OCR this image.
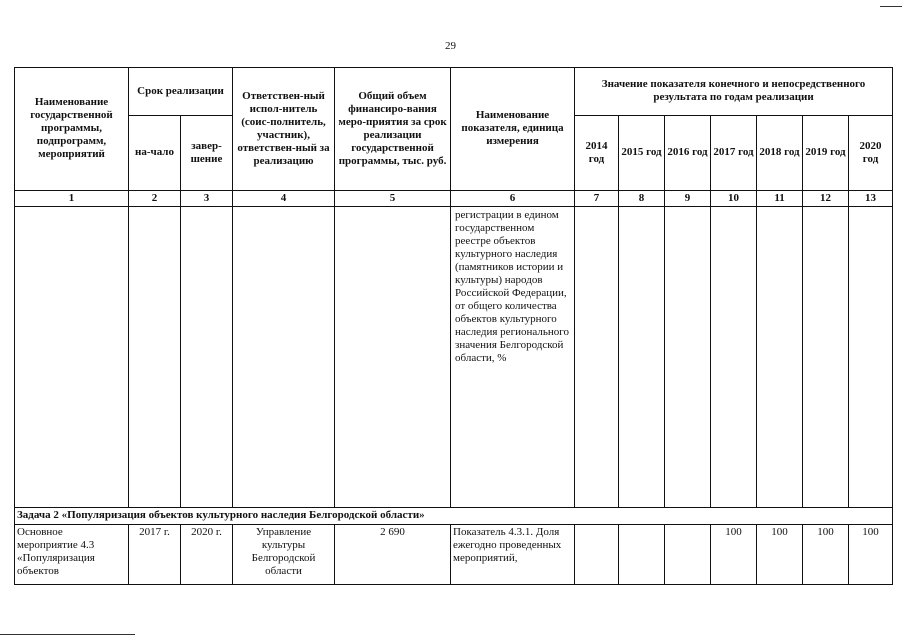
29
Наименование государственной программы, подпрограмм, мероприятий	Срок реализации		Ответствен-ный испол-нитель (соис-полнитель, участник), ответствен-ный за реализацию	Общий объем финансиро-вания меро-приятия за срок реализации государственной программы, тыс. руб.	Наименование показателя, единица измерения	Значение показателя конечного и непосредственного результата по годам реализации						
	на-чало	завер-шение				2014 год	2015 год	2016 год	2017 год	2018 год	2019 год	2020 год
1	2	3	4	5	6	7	8	9	10	11	12	13
					регистрации в едином государственном реестре объектов культурного наследия (памятников истории и культуры) народов Российской Федерации, от общего количества объектов культурного наследия регионального значения Белгородской области, %							
Задача 2 «Популяризация объектов культурного наследия Белгородской области»												
Основное мероприятие 4.3 «Популяризация объектов	2017 г.	2020 г.	Управление культуры Белгородской области	2 690	Показатель 4.3.1. Доля ежегодно проведенных мероприятий,				100	100	100	100
